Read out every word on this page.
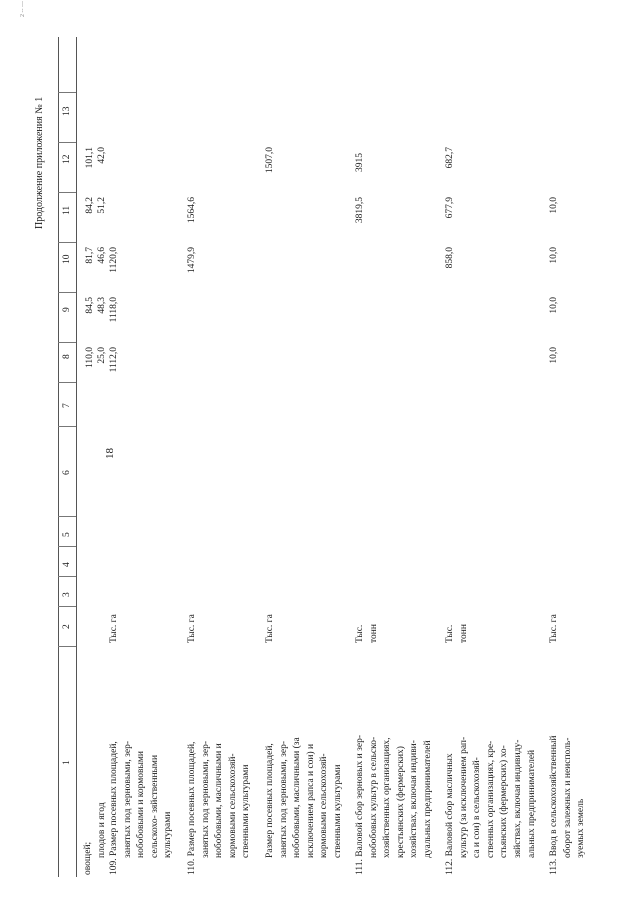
18
Продолжение приложения № 1
2 -- ---
1
2
3
4
5
6
7
8
9
10
11
12
13
овощей;
плодов и ягод
110,0 25,0
84,5 48,3
81,7 46,6
84,2 51,2
101,1 42,0
109. Размер посевных площадей, занятых под зерновыми, зер- нобобовыми и кормовыми сельскохо- зяйственными культурами
Тыс. га
1112,0
1118,0
1120,0
110. Размер посевных площадей, занятых под зерновыми, зер- нобобовыми, масличными и кормовыми сельскохозяй- ственными культурами
Тыс. га
1479,9
1564,6
Размер посевных площадей, занятых под зерновыми, зер- нобобовыми, масличными (за исключением рапса и сои) и кормовыми сельскохозяй- ственными культурами
Тыс. га
1507,0
111. Валовой сбор зерновых и зер- нобобовых культур в сельско- хозяйственных организациях, крестьянских (фермерских) хозяйствах, включая индиви- дуальных предпринимателей
Тыс. тонн
3819,5
3915
112. Валовой сбор масличных культур (за исключением рап- са и сои) в сельскохозяй- ственных организациях, кре- стьянских (фермерских) хо- зяйствах, включая индивиду- альных предпринимателей
Тыс. тонн
858,0
677,9
682,7
113. Ввод в сельскохозяйственный оборот залежных и неисполь- зуемых земель
Тыс. га
10,0
10,0
10,0
10,0
